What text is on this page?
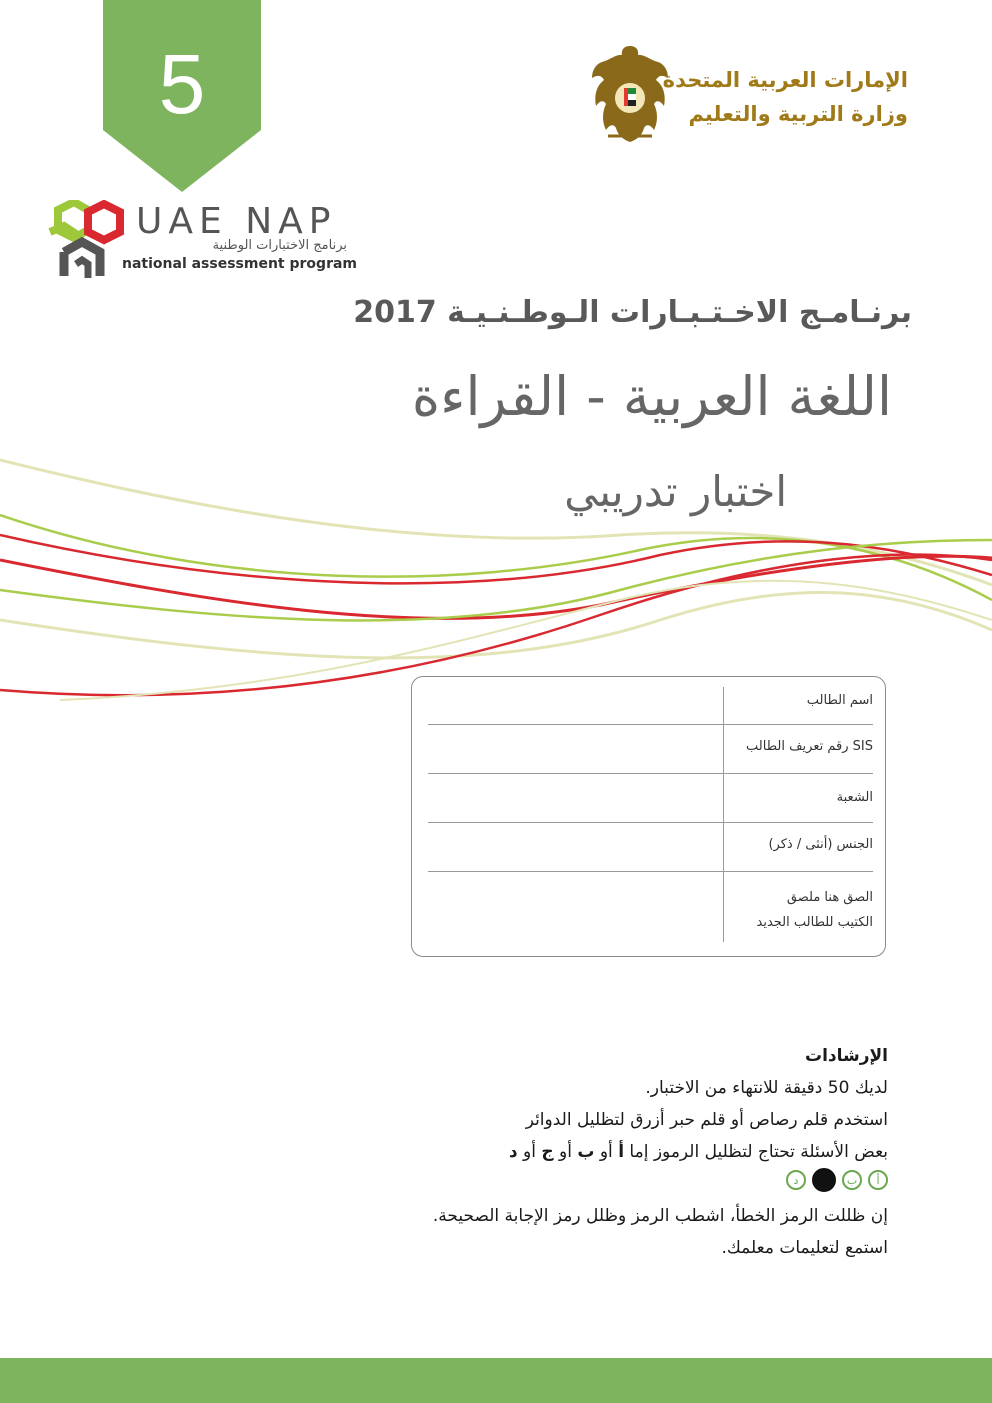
5	الإمارات العربية المتحدة
وزارة التربية والتعليم
UAE NAP
برنامج الاختبارات الوطنية
national assessment program
برنـامـج الاخـتـبـارات الـوطـنـيـة 2017
اللغة العربية - القراءة
اختبار تدريبي
اسم الطالب
SIS رقم تعريف الطالب
الشعبة
الجنس (أنثى / ذكر)
الصق هنا ملصق
الكتيب للطالب الجديد
الإرشادات
لديك 50 دقيقة للانتهاء من الاختبار.
استخدم قلم رصاص أو قلم حبر أزرق لتظليل الدوائر
بعض الأسئلة تحتاج لتظليل الرموز إما أ أو ب أو ج أو د
أ
ب
د
إن ظللت الرمز الخطأ، اشطب الرمز وظلل رمز الإجابة الصحيحة.
استمع لتعليمات معلمك.
